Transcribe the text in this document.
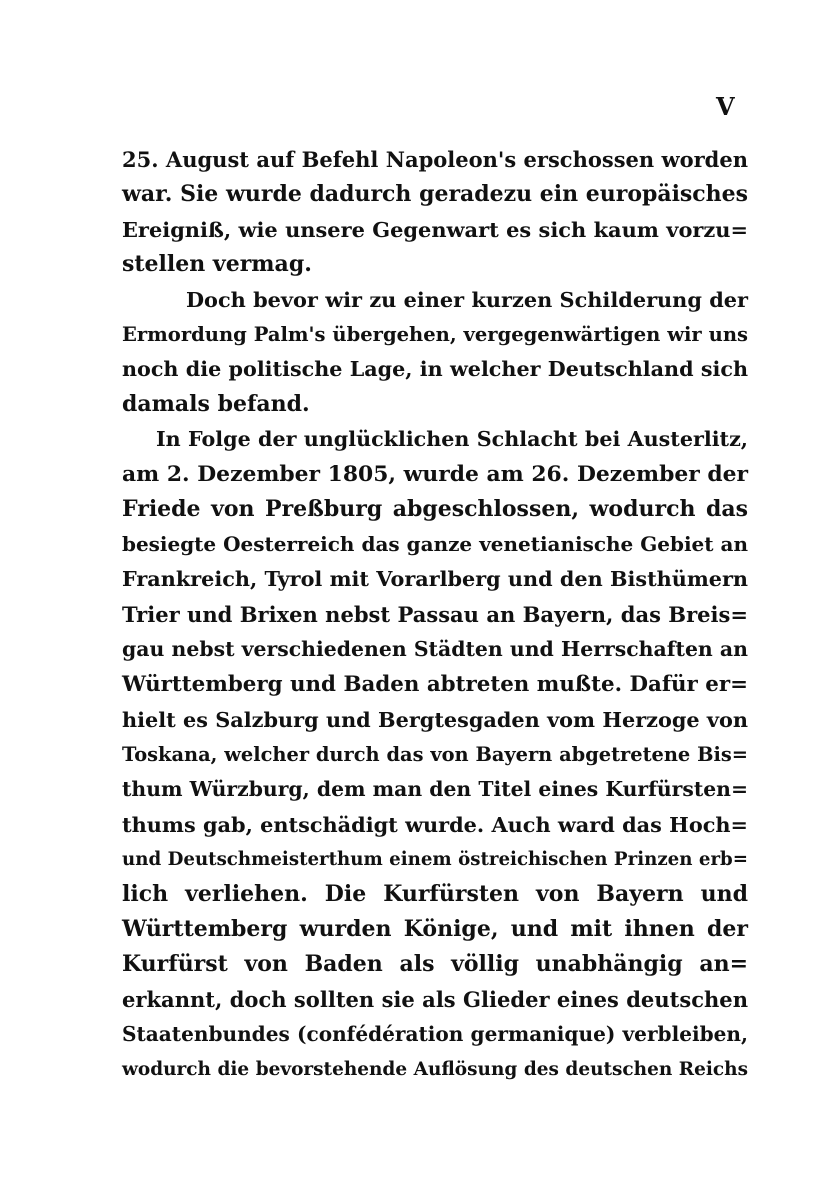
V
25. August auf Befehl Napoleon's erschossen worden
war. Sie wurde dadurch geradezu ein europäisches
Ereigniß, wie unsere Gegenwart es sich kaum vorzu=
stellen vermag.
Doch bevor wir zu einer kurzen Schilderung der
Ermordung Palm's übergehen, vergegenwärtigen wir uns
noch die politische Lage, in welcher Deutschland sich
damals befand.
In Folge der unglücklichen Schlacht bei Austerlitz,
am 2. Dezember 1805, wurde am 26. Dezember der
Friede von Preßburg abgeschlossen, wodurch das
besiegte Oesterreich das ganze venetianische Gebiet an
Frankreich, Tyrol mit Vorarlberg und den Bisthümern
Trier und Brixen nebst Passau an Bayern, das Breis=
gau nebst verschiedenen Städten und Herrschaften an
Württemberg und Baden abtreten mußte. Dafür er=
hielt es Salzburg und Bergtesgaden vom Herzoge von
Toskana, welcher durch das von Bayern abgetretene Bis=
thum Würzburg, dem man den Titel eines Kurfürsten=
thums gab, entschädigt wurde. Auch ward das Hoch=
und Deutschmeisterthum einem östreichischen Prinzen erb=
lich verliehen. Die Kurfürsten von Bayern und
Württemberg wurden Könige, und mit ihnen der
Kurfürst von Baden als völlig unabhängig an=
erkannt, doch sollten sie als Glieder eines deutschen
Staatenbundes (confédération germanique) verbleiben,
wodurch die bevorstehende Auflösung des deutschen Reichs
